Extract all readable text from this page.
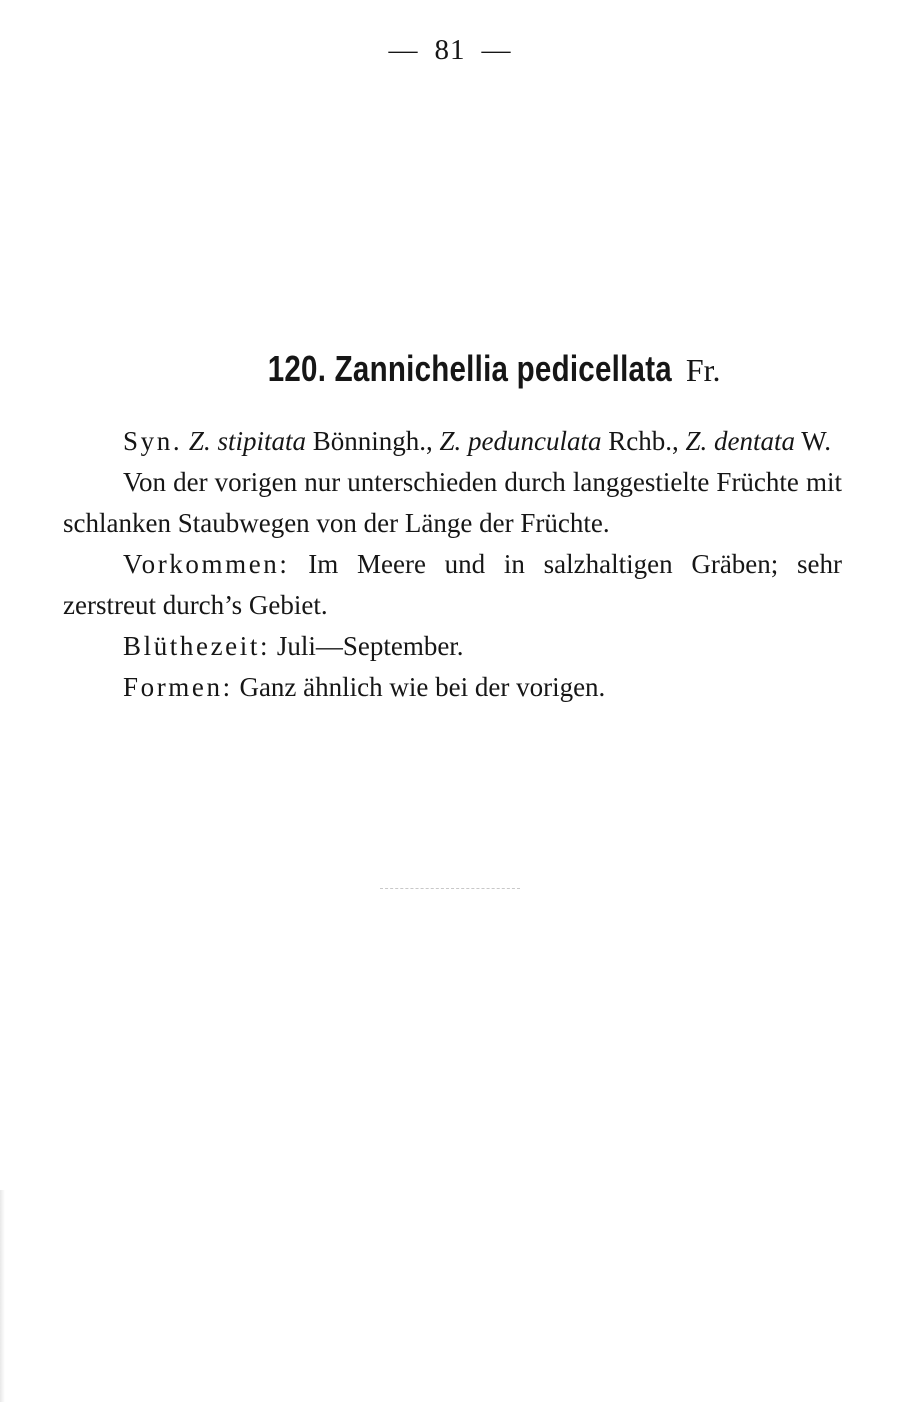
— 81 —
120. Zannichellia pedicellata Fr.

Syn. Z. stipitata Bönningh., Z. pedunculata Rchb., Z. dentata W.

Von der vorigen nur unterschieden durch langgestielte Früchte mit schlanken Staubwegen von der Länge der Früchte.

Vorkommen: Im Meere und in salzhaltigen Gräben; sehr zerstreut durch’s Gebiet.

Blüthezeit: Juli—September.

Formen: Ganz ähnlich wie bei der vorigen.
